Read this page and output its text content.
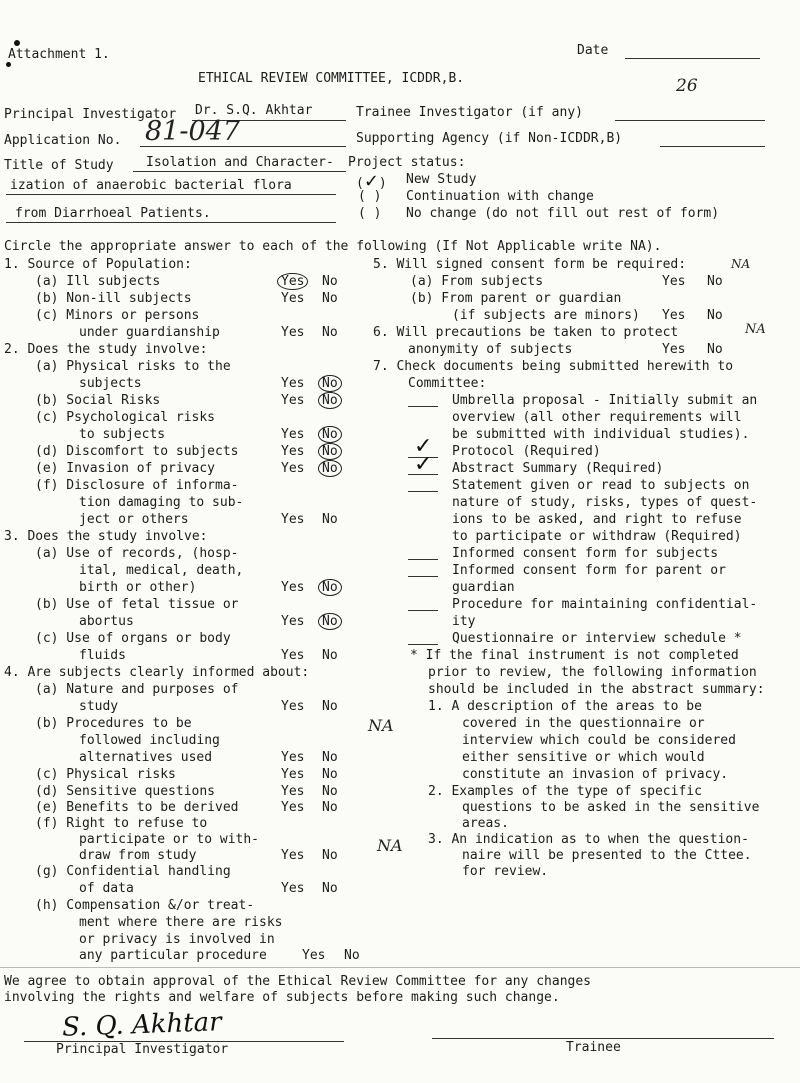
Attachment 1.	Date
26
ETHICAL REVIEW COMMITTEE, ICDDR,B.
Principal Investigator Dr. S.Q. Akhtar	Trainee Investigator (if any)
Application No. 81-047	Supporting Agency (if Non-ICDDR,B)
Title of Study Isolation and Character- Project status:
ization of anaerobic bacterial flora
from Diarrhoeal Patients.
(✓) New Study
( ) Continuation with change
( ) No change (do not fill out rest of form)
Circle the appropriate answer to each of the following (If Not Applicable write NA).
1. Source of Population:
(a) Ill subjects	Yes	No
(b) Non-ill subjects	Yes No
(c) Minors or persons
under guardianship	Yes No
2. Does the study involve:
(a) Physical risks to the
subjects	Yes	No
(b) Social Risks	Yes	No
(c) Psychological risks
to subjects	Yes	No
(d) Discomfort to subjects	Yes	No
(e) Invasion of privacy	Yes	No
(f) Disclosure of informa-
tion damaging to sub-
ject or others	Yes No
3. Does the study involve:
(a) Use of records, (hosp-
ital, medical, death,
birth or other)	Yes	No
(b) Use of fetal tissue or
abortus	Yes	No
(c) Use of organs or body
fluids	Yes No
4. Are subjects clearly informed about:
(a) Nature and purposes of
study	Yes No
(b) Procedures to be
followed including
alternatives used	Yes No
(c) Physical risks	Yes No
(d) Sensitive questions	Yes No
(e) Benefits to be derived	Yes No
(f) Right to refuse to
participate or to with-
draw from study	Yes No
(g) Confidential handling
of data	Yes No
(h) Compensation &/or treat-
ment where there are risks
or privacy is involved in
any particular procedure	Yes No
NA
NA
5. Will signed consent form be required:	NA
(a) From subjects	Yes No
(b) From parent or guardian
(if subjects are minors) Yes No
6. Will precautions be taken to protect	NA
anonymity of subjects	Yes No
7. Check documents being submitted herewith to
Committee:
Umbrella proposal - Initially submit an
overview (all other requirements will
be submitted with individual studies).
✓ Protocol (Required)
✓ Abstract Summary (Required)
Statement given or read to subjects on
nature of study, risks, types of quest-
ions to be asked, and right to refuse
to participate or withdraw (Required)
Informed consent form for subjects
Informed consent form for parent or
guardian
Procedure for maintaining confidential-
ity
Questionnaire or interview schedule *
* If the final instrument is not completed
prior to review, the following information
should be included in the abstract summary:
1. A description of the areas to be
covered in the questionnaire or
interview which could be considered
either sensitive or which would
constitute an invasion of privacy.
2. Examples of the type of specific
questions to be asked in the sensitive
areas.
3. An indication as to when the question-
naire will be presented to the Cttee.
for review.
We agree to obtain approval of the Ethical Review Committee for any changes
involving the rights and welfare of subjects before making such change.
S. Q. Akhtar
Principal Investigator	Trainee
